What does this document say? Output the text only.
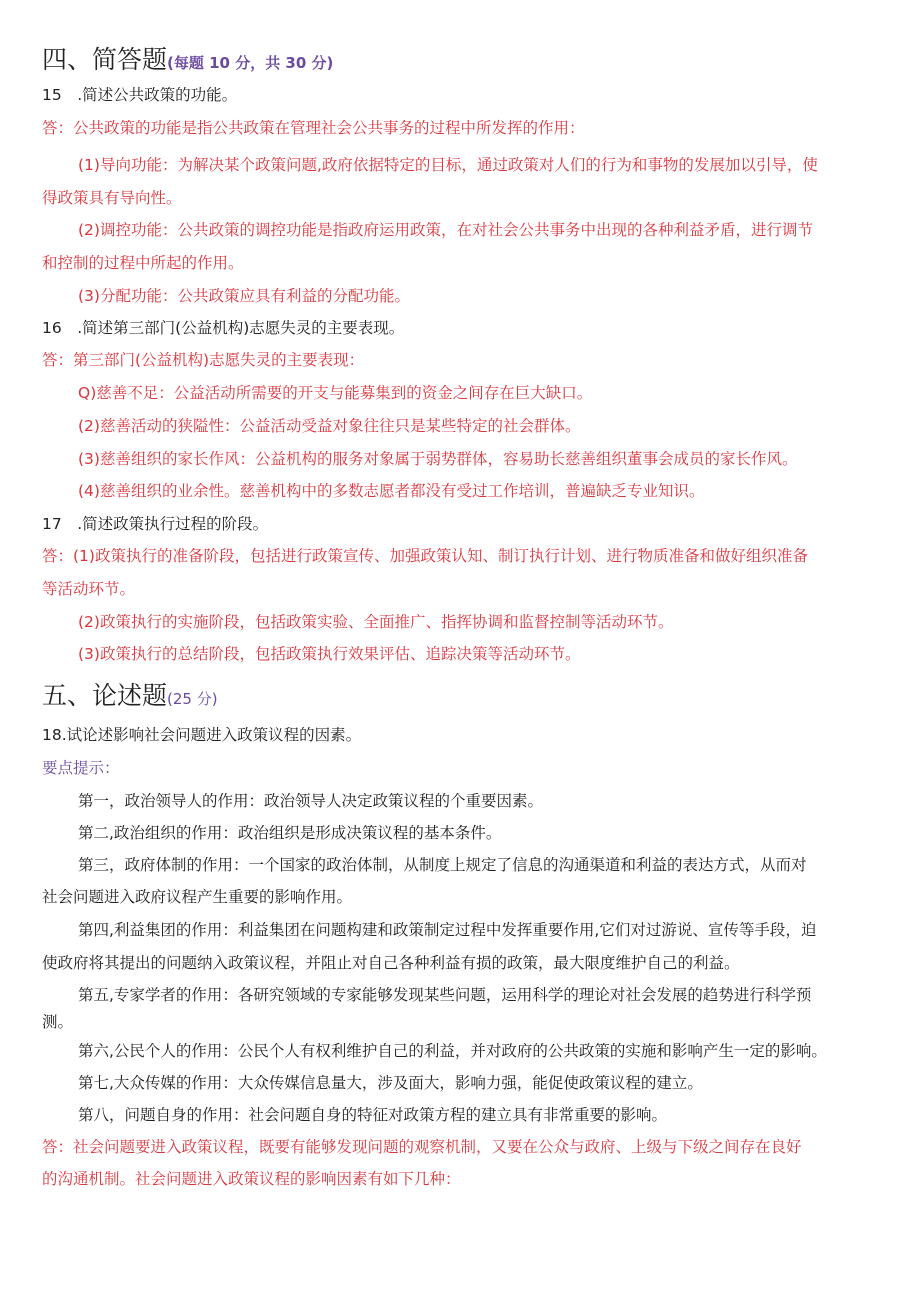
四、简答题(每题 10 分，共 30 分)
15　.简述公共政策的功能。
答：公共政策的功能是指公共政策在管理社会公共事务的过程中所发挥的作用：
(1)导向功能：为解决某个政策问题,政府依据特定的目标，通过政策对人们的行为和事物的发展加以引导，使
得政策具有导向性。
(2)调控功能：公共政策的调控功能是指政府运用政策，在对社会公共事务中出现的各种利益矛盾，进行调节
和控制的过程中所起的作用。
(3)分配功能：公共政策应具有利益的分配功能。
16　.简述第三部门(公益机构)志愿失灵的主要表现。
答：第三部门(公益机构)志愿失灵的主要表现：
Q)慈善不足：公益活动所需要的开支与能募集到的资金之间存在巨大缺口。
(2)慈善活动的狭隘性：公益活动受益对象往往只是某些特定的社会群体。
(3)慈善组织的家长作风：公益机构的服务对象属于弱势群体，容易助长慈善组织董事会成员的家长作风。
(4)慈善组织的业余性。慈善机构中的多数志愿者都没有受过工作培训，普遍缺乏专业知识。
17　.简述政策执行过程的阶段。
答：(1)政策执行的准备阶段，包括进行政策宣传、加强政策认知、制订执行计划、进行物质准备和做好组织准备
等活动环节。
(2)政策执行的实施阶段，包括政策实验、全面推广、指挥协调和监督控制等活动环节。
(3)政策执行的总结阶段，包括政策执行效果评估、追踪决策等活动环节。
五、论述题(25 分)
18.试论述影响社会问题进入政策议程的因素。
要点提示：
第一，政治领导人的作用：政治领导人决定政策议程的个重要因素。
第二,政治组织的作用：政治组织是形成决策议程的基本条件。
第三，政府体制的作用：一个国家的政治体制，从制度上规定了信息的沟通渠道和利益的表达方式，从而对
社会问题进入政府议程产生重要的影响作用。
第四,利益集团的作用：利益集团在问题构建和政策制定过程中发挥重要作用,它们对过游说、宣传等手段，迫
使政府将其提出的问题纳入政策议程，并阻止对自己各种利益有损的政策，最大限度维护自己的利益。
第五,专家学者的作用：各研究领域的专家能够发现某些问题，运用科学的理论对社会发展的趋势进行科学预
测。
第六,公民个人的作用：公民个人有权利维护自己的利益，并对政府的公共政策的实施和影响产生一定的影响。
第七,大众传媒的作用：大众传媒信息量大，涉及面大，影响力强，能促使政策议程的建立。
第八，问题自身的作用：社会问题自身的特征对政策方程的建立具有非常重要的影响。
答：社会问题要进入政策议程，既要有能够发现问题的观察机制，又要在公众与政府、上级与下级之间存在良好
的沟通机制。社会问题进入政策议程的影响因素有如下几种：
